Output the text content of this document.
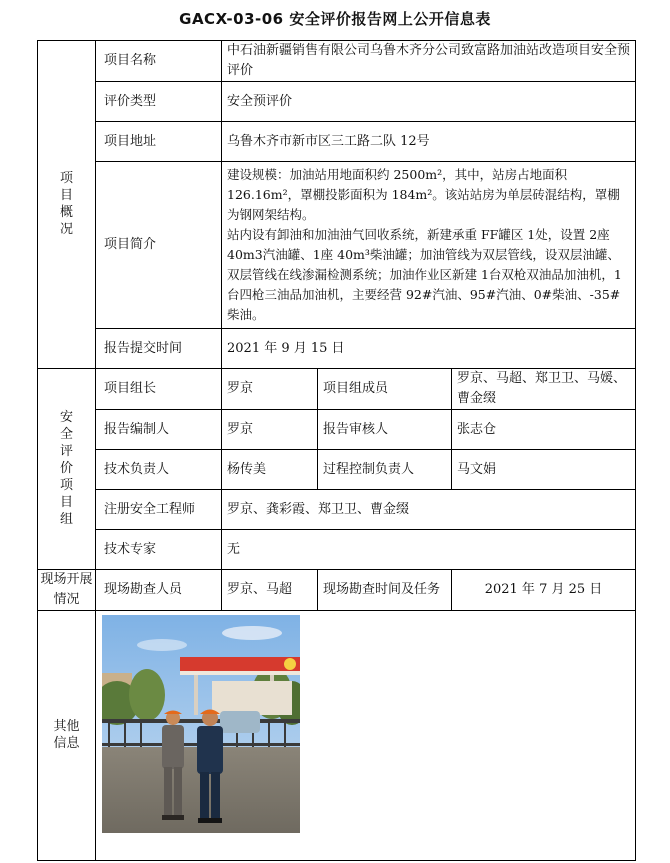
GACX-03-06 安全评价报告网上公开信息表
项目概况	项目名称	中石油新疆销售有限公司乌鲁木齐分公司致富路加油站改造项目安全预评价		
	评价类型	安全预评价		
	项目地址	乌鲁木齐市新市区三工路二队 12号		
	项目简介	建设规模：加油站用地面积约 2500m²，其中，站房占地面积 126.16m²，罩棚投影面积为 184m²。该站站房为单层砖混结构，罩棚为钢网架结构。
站内设有卸油和加油油气回收系统，新建承重 FF罐区 1处，设置 2座 40m3汽油罐、1座 40m³柴油罐；加油管线为双层管线，设双层油罐、双层管线在线渗漏检测系统；加油作业区新建 1台双枪双油品加油机，1台四枪三油品加油机，主要经营 92#汽油、95#汽油、0#柴油、-35#柴油。		

	报告提交时间	2021 年 9 月 15 日		
安全评价项目组	项目组长	罗京	项目组成员	罗京、马超、郑卫卫、马媛、曹金缀
	报告编制人	罗京	报告审核人	张志仓
	技术负责人	杨传美	过程控制负责人	马文娟
	注册安全工程师	罗京、龚彩霞、郑卫卫、曹金缀		
	技术专家	无		
现场开展情况	现场勘查人员	罗京、马超	现场勘查时间及任务	2021 年 7 月 25 日
其他信息	
